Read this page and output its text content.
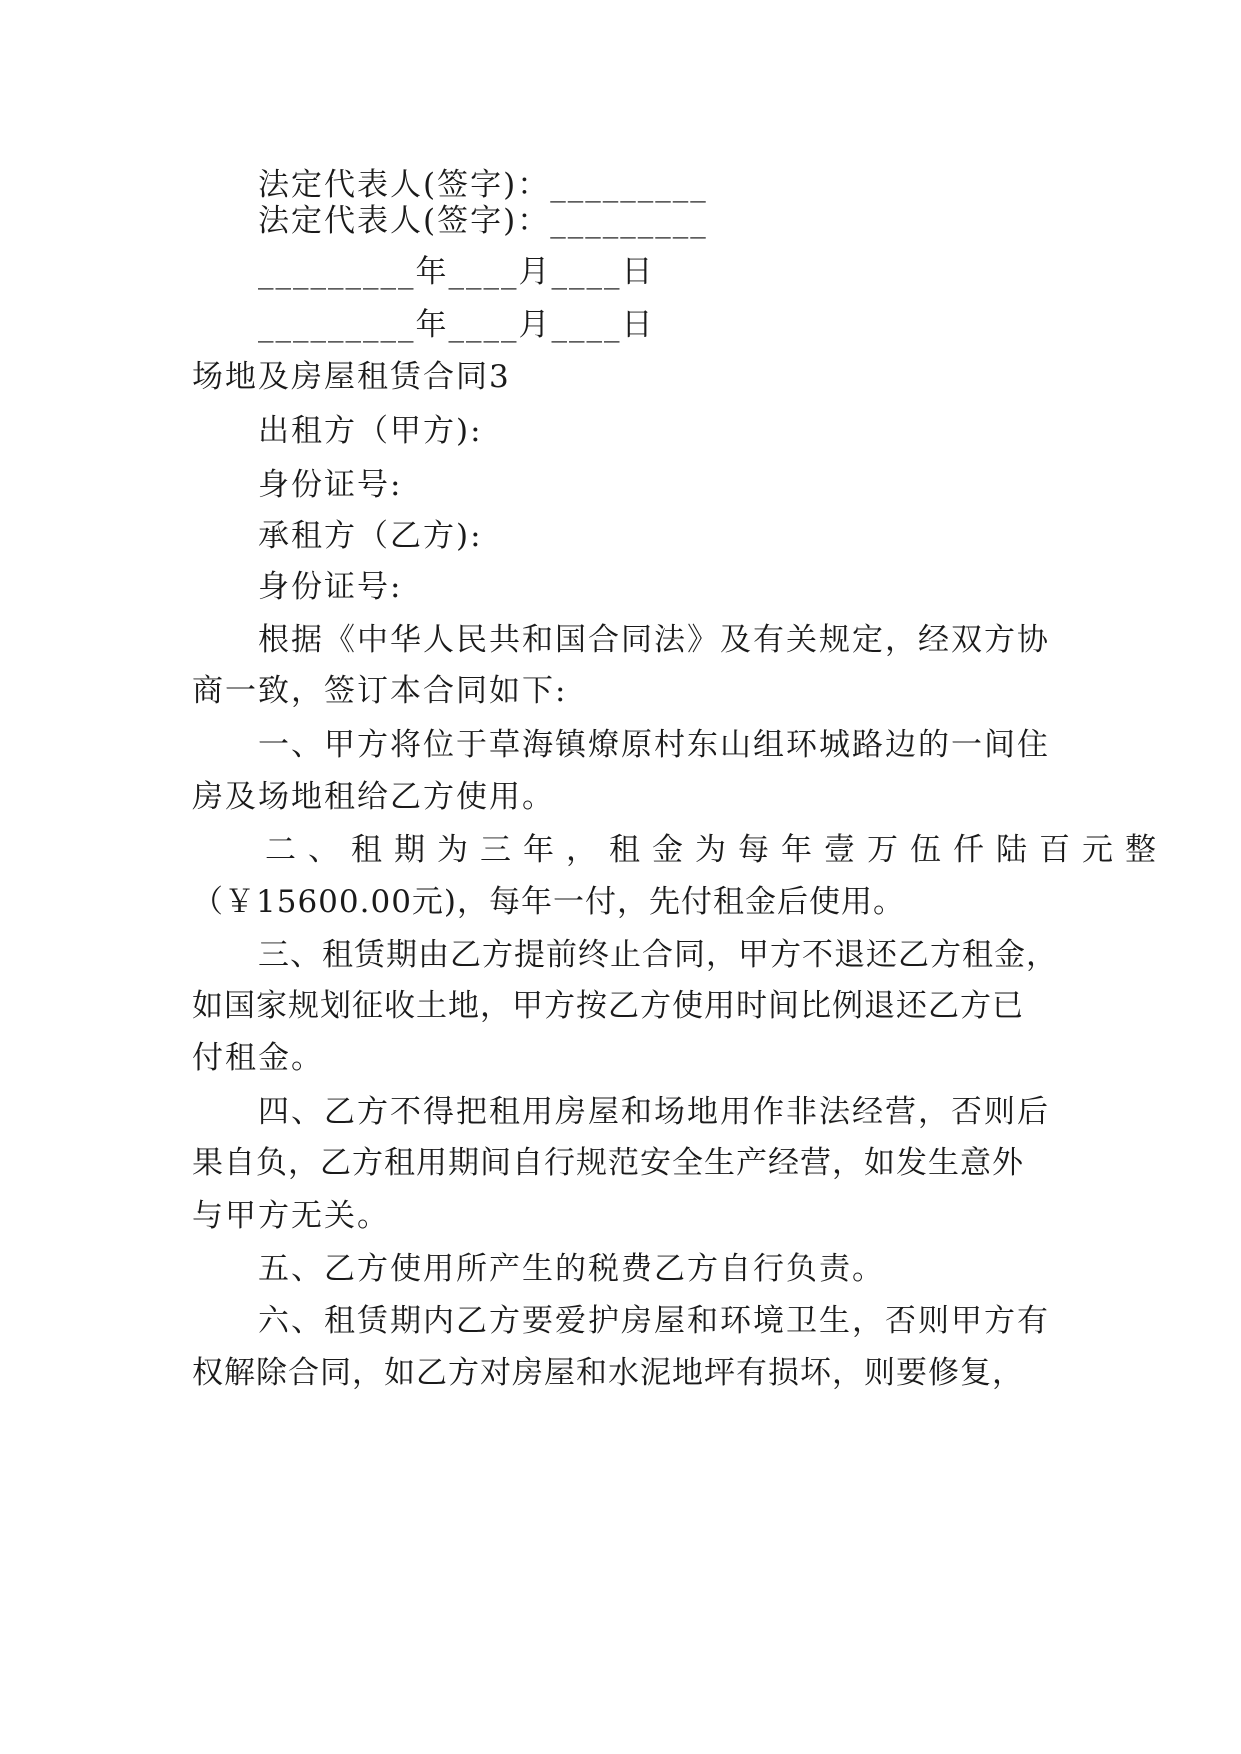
法定代表人(签字)：_________
法定代表人(签字)：_________
_________年____月____日
_________年____月____日
场地及房屋租赁合同3
出租方（甲方):
身份证号:
承租方（乙方):
身份证号:
根据《中华人民共和国合同法》及有关规定，经双方协
商一致，签订本合同如下:
一、甲方将位于草海镇燎原村东山组环城路边的一间住
房及场地租给乙方使用。
二、租期为三年，租金为每年壹万伍仟陆百元整
（￥15600.00元)，每年一付，先付租金后使用。
三、租赁期由乙方提前终止合同，甲方不退还乙方租金，
如国家规划征收土地，甲方按乙方使用时间比例退还乙方已
付租金。
四、乙方不得把租用房屋和场地用作非法经营，否则后
果自负，乙方租用期间自行规范安全生产经营，如发生意外
与甲方无关。
五、乙方使用所产生的税费乙方自行负责。
六、租赁期内乙方要爱护房屋和环境卫生，否则甲方有
权解除合同，如乙方对房屋和水泥地坪有损坏，则要修复，
